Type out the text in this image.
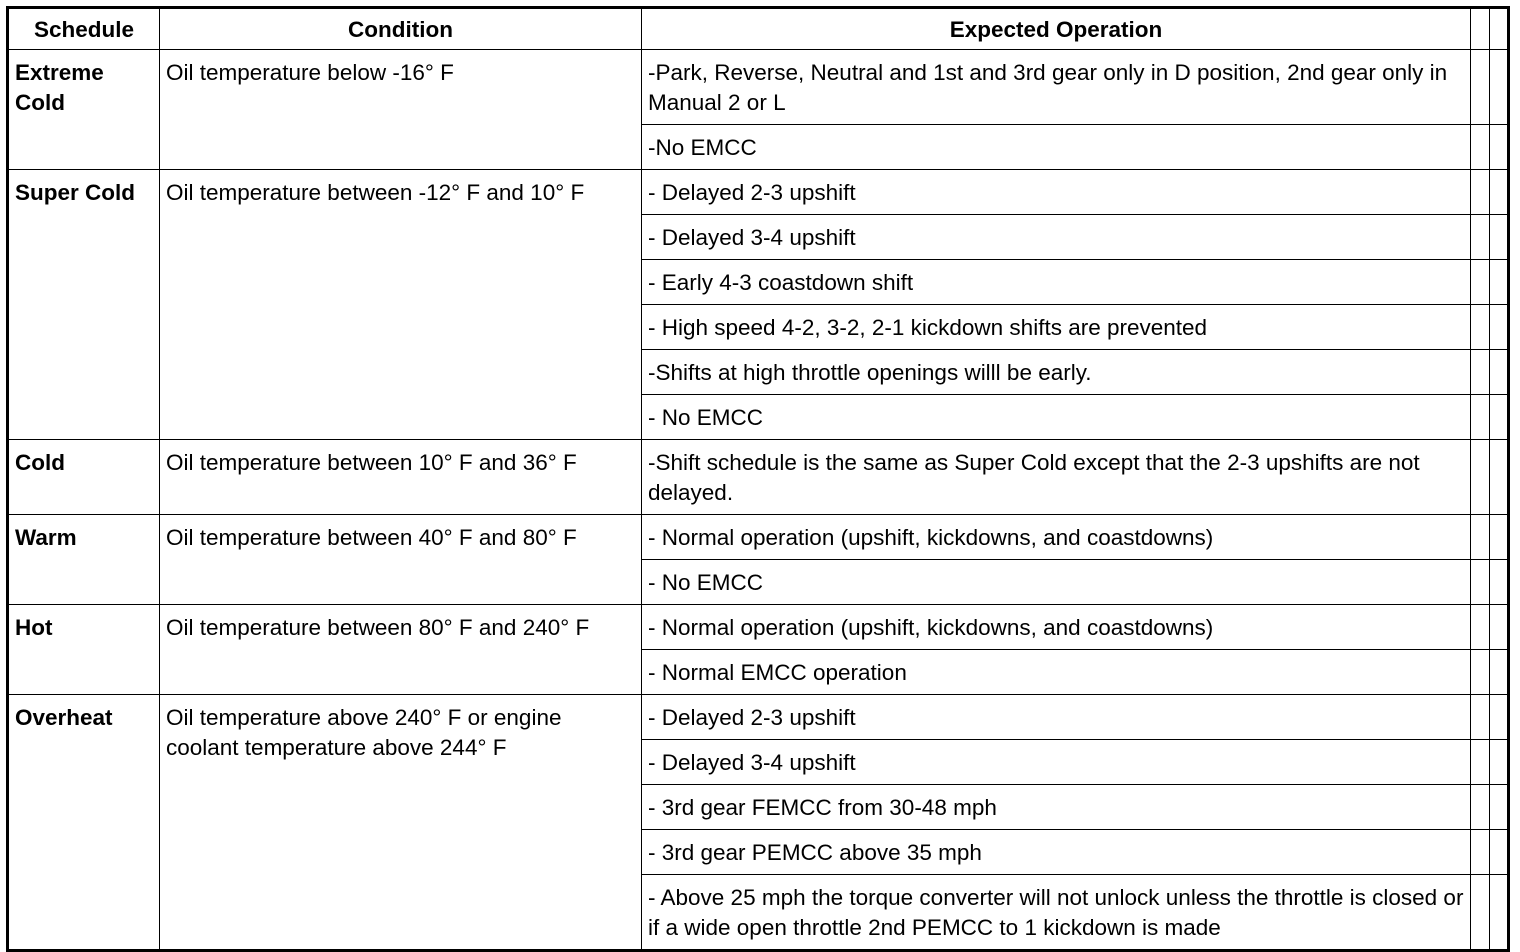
Schedule	Condition	Expected Operation		
Extreme Cold	Oil temperature below -16° F	-Park, Reverse, Neutral and 1st and 3rd gear only in D position, 2nd gear only in Manual 2 or L		
		-No EMCC		
Super Cold	Oil temperature between -12° F and 10° F	- Delayed 2-3 upshift		
		- Delayed 3-4 upshift		
		- Early 4-3 coastdown shift		
		- High speed 4-2, 3-2, 2-1 kickdown shifts are prevented		
		-Shifts at high throttle openings willl be early.		
		- No EMCC		
Cold	Oil temperature between 10° F and 36° F	-Shift schedule is the same as Super Cold except that the 2-3 upshifts are not delayed.		
Warm	Oil temperature between 40° F and 80° F	- Normal operation (upshift, kickdowns, and coastdowns)		
		- No EMCC		
Hot	Oil temperature between 80° F and 240° F	- Normal operation (upshift, kickdowns, and coastdowns)		
		- Normal EMCC operation		
Overheat	Oil temperature above 240° F or engine coolant temperature above 244° F	- Delayed 2-3 upshift		
		- Delayed 3-4 upshift		
		- 3rd gear FEMCC from 30-48 mph		
		- 3rd gear PEMCC above 35 mph		
		- Above 25 mph the torque converter will not unlock unless the throttle is closed or if a wide open throttle 2nd PEMCC to 1 kickdown is made		
